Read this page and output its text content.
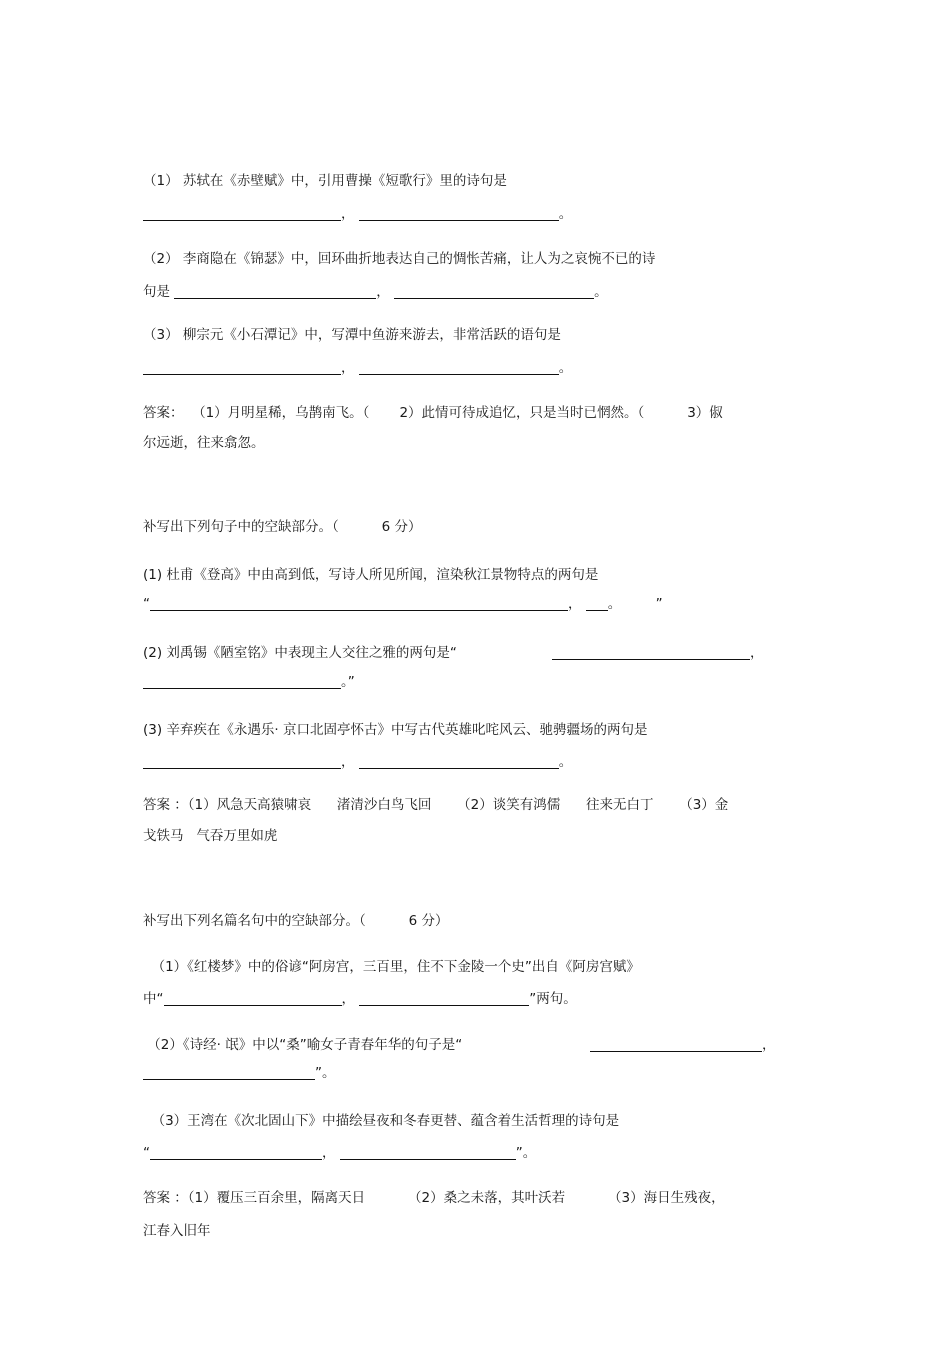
（1） 苏轼在《赤壁赋》中，引用曹操《短歌行》里的诗句是
，	。
（2） 李商隐在《锦瑟》中，回环曲折地表达自己的惆怅苦痛，让人为之哀惋不已的诗
句是	，	。
（3） 柳宗元《小石潭记》中，写潭中鱼游来游去，非常活跃的语句是
，	。
答案：  （1）月明星稀，乌鹊南飞。（       2）此情可待成追忆，只是当时已惘然。（          3）俶
尔远逝，往来翕忽。
补写出下列句子中的空缺部分。（          6 分）
(1) 杜甫《登高》中由高到低，写诗人所见所闻，渲染秋江景物特点的两句是
“	， 。	”
(2) 刘禹锡《陋室铭》中表现主人交往之雅的两句是“	，
。”
(3) 辛弃疾在《永遇乐· 京口北固亭怀古》中写古代英雄叱咤风云、驰骋疆场的两句是
，	。
答案 ：（1）风急天高猿啸哀      渚清沙白鸟飞回      （2）谈笑有鸿儒      往来无白丁      （3）金
戈铁马   气吞万里如虎
补写出下列名篇名句中的空缺部分。（          6 分）
（1）《红楼梦》中的俗谚“阿房宫，三百里，住不下金陵一个史”出自《阿房宫赋》
中“	，	”两句。
（2）《诗经· 氓》中以“桑”喻女子青春年华的句子是“	，
”。
（3）王湾在《次北固山下》中描绘昼夜和冬春更替、蕴含着生活哲理的诗句是
“	，	”。
答案 ：（1）覆压三百余里，隔离天日          （2）桑之未落，其叶沃若          （3）海日生残夜，
江春入旧年
